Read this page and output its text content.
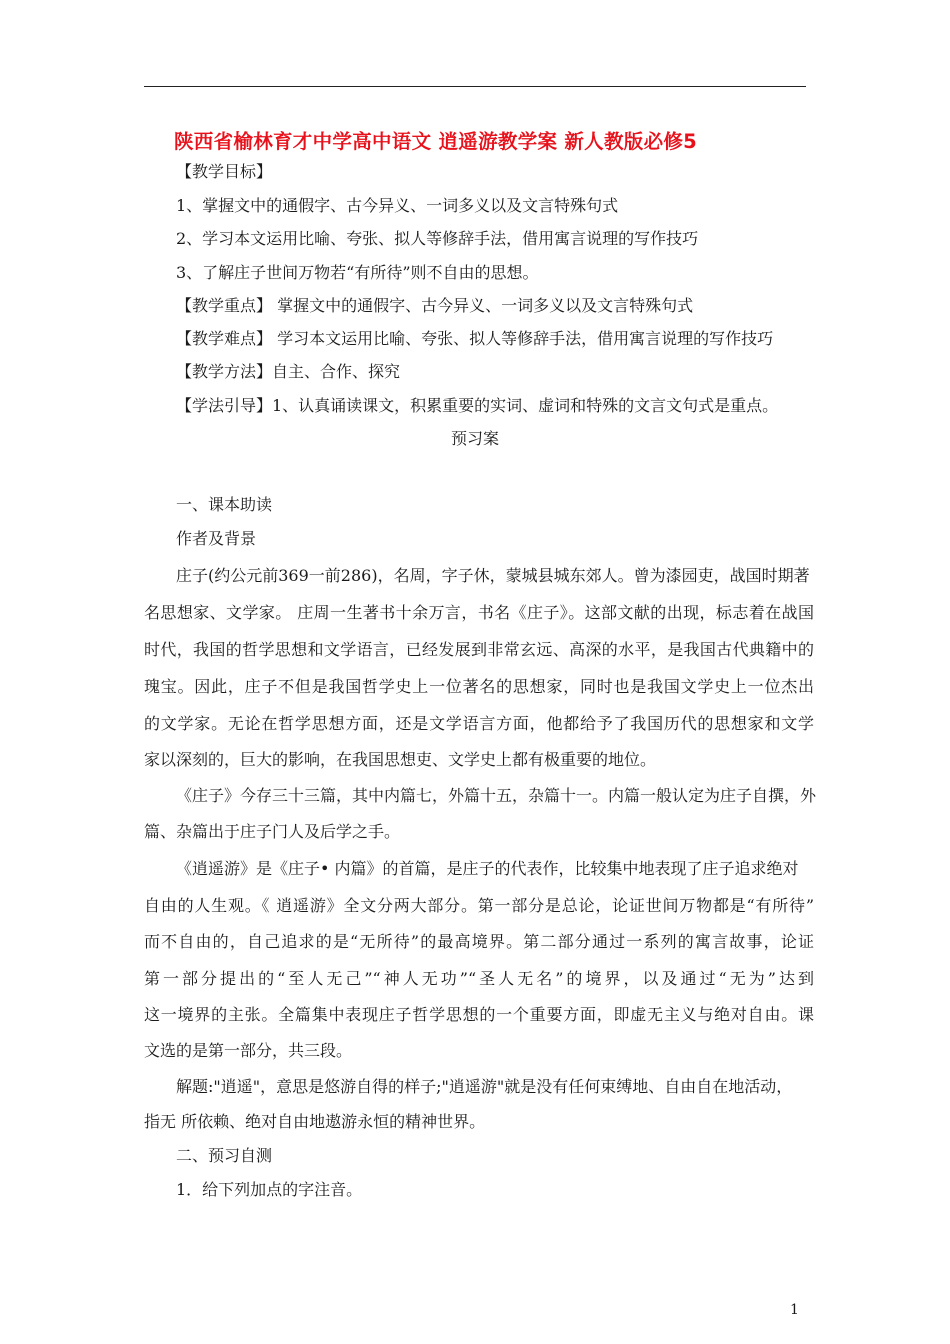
陕西省榆林育才中学高中语文 逍遥游教学案 新人教版必修5
【教学目标】
1、掌握文中的通假字、古今异义、一词多义以及文言特殊句式
2、学习本文运用比喻、夸张、拟人等修辞手法，借用寓言说理的写作技巧
3、了解庄子世间万物若“有所待”则不自由的思想。
【教学重点】 掌握文中的通假字、古今异义、一词多义以及文言特殊句式
【教学难点】 学习本文运用比喻、夸张、拟人等修辞手法，借用寓言说理的写作技巧
【教学方法】自主、合作、探究
【学法引导】1、认真诵读课文，积累重要的实词、虚词和特殊的文言文句式是重点。
预习案
一、课本助读
作者及背景
庄子(约公元前369一前286)，名周，字子休，蒙城县城东郊人。曾为漆园吏，战国时期著
名思想家、文学家。 庄周一生著书十余万言，书名《庄子》。这部文献的出现，标志着在战国
时代，我国的哲学思想和文学语言，已经发展到非常玄远、高深的水平，是我国古代典籍中的
瑰宝。因此，庄子不但是我国哲学史上一位著名的思想家，同时也是我国文学史上一位杰出
的文学家。无论在哲学思想方面，还是文学语言方面，他都给予了我国历代的思想家和文学
家以深刻的，巨大的影响，在我国思想吏、文学史上都有极重要的地位。
《庄子》今存三十三篇，其中内篇七，外篇十五，杂篇十一。内篇一般认定为庄子自撰，外
篇、杂篇出于庄子门人及后学之手。
《逍遥游》是《庄子• 内篇》的首篇，是庄子的代表作，比较集中地表现了庄子追求绝对
自由的人生观。《 逍遥游》全文分两大部分。第一部分是总论，论证世间万物都是“有所待”
而不自由的，自己追求的是“无所待”的最高境界。第二部分通过一系列的寓言故事，论证
第一部分提出的“至人无己”“神人无功”“圣人无名”的境界，以及通过“无为”达到
这一境界的主张。全篇集中表现庄子哲学思想的一个重要方面，即虚无主义与绝对自由。课
文选的是第一部分，共三段。
解题:"逍遥"，意思是悠游自得的样子;"逍遥游"就是没有任何束缚地、自由自在地活动，
指无 所依赖、绝对自由地遨游永恒的精神世界。
二、预习自测
1．给下列加点的字注音。
1
